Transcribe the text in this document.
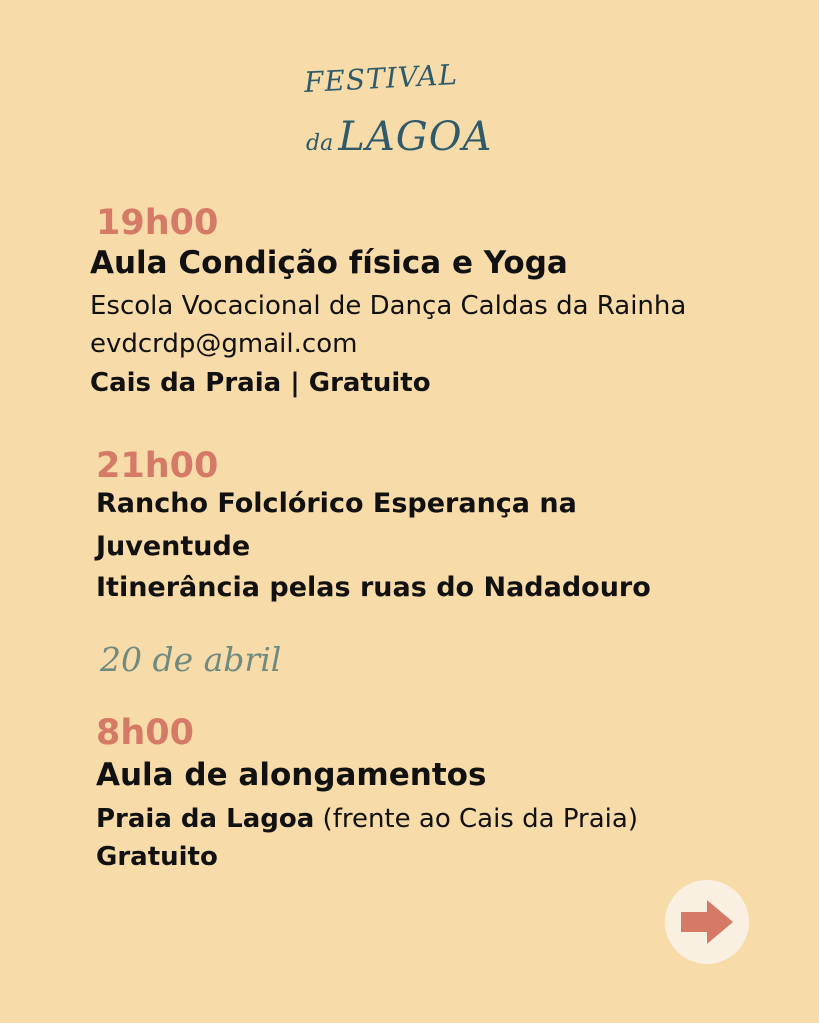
FESTIVAL
da LAGOA
19h00
Aula Condição física e Yoga
Escola Vocacional de Dança Caldas da Rainha
evdcrdp@gmail.com
Cais da Praia | Gratuito
21h00
Rancho Folclórico Esperança na
Juventude
Itinerância pelas ruas do Nadadouro
20 de abril
8h00
Aula de alongamentos
Praia da Lagoa (frente ao Cais da Praia)
Gratuito
